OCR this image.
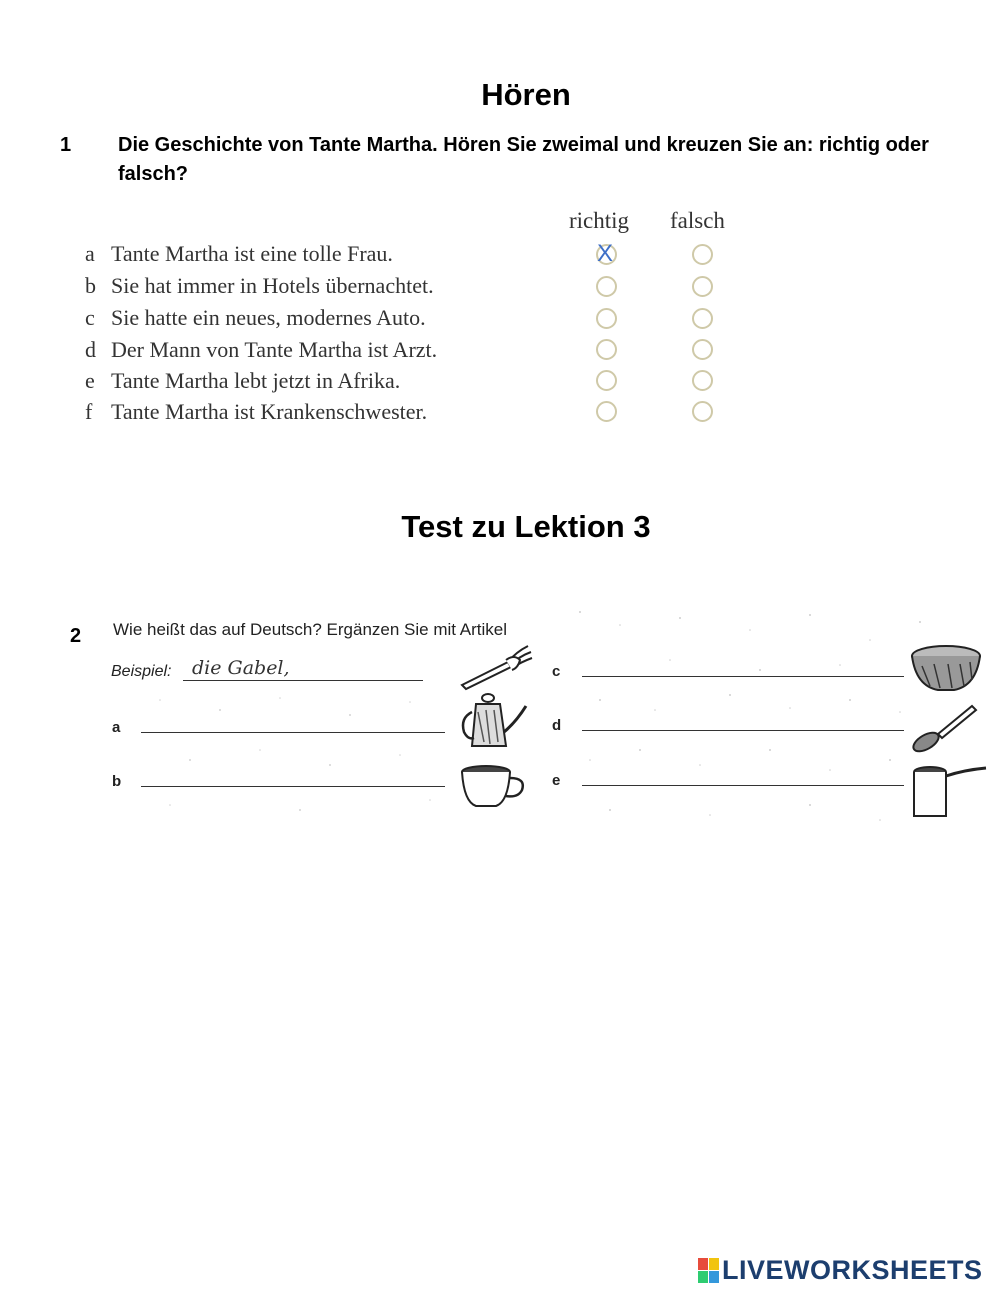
Hören
1 Die Geschichte von Tante Martha. Hören Sie zweimal und kreuzen Sie an: richtig oder falsch?
richtig falsch
a Tante Martha ist eine tolle Frau.
b Sie hat immer in Hotels übernachtet.
c Sie hatte ein neues, modernes Auto.
d Der Mann von Tante Martha ist Arzt.
e Tante Martha lebt jetzt in Afrika.
f Tante Martha ist Krankenschwester.
X
Test zu Lektion 3
2 Wie heißt das auf Deutsch? Ergänzen Sie mit Artikel
Beispiel: die Gabel,
a
b
c
d
e
LIVEWORKSHEETS
